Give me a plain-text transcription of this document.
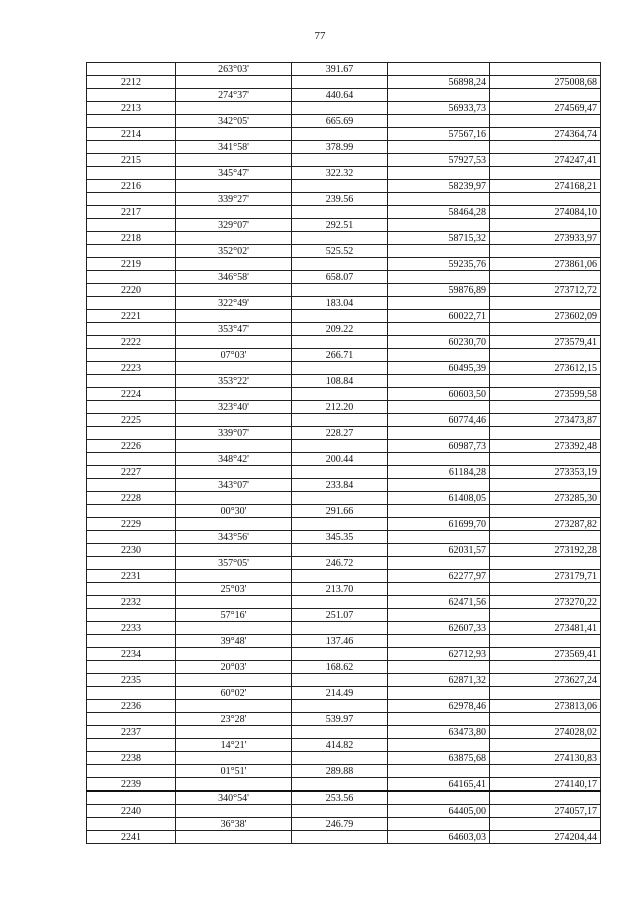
77
	263°03'	391.67		
2212			56898,24	275008,68
	274°37'	440.64		
2213			56933,73	274569,47
	342°05'	665.69		
2214			57567,16	274364,74
	341°58'	378.99		
2215			57927,53	274247,41
	345°47'	322.32		
2216			58239,97	274168,21
	339°27'	239.56		
2217			58464,28	274084,10
	329°07'	292.51		
2218			58715,32	273933,97
	352°02'	525.52		
2219			59235,76	273861,06
	346°58'	658.07		
2220			59876,89	273712,72
	322°49'	183.04		
2221			60022,71	273602,09
	353°47'	209.22		
2222			60230,70	273579,41
	07°03'	266.71		
2223			60495,39	273612,15
	353°22'	108.84		
2224			60603,50	273599,58
	323°40'	212.20		
2225			60774,46	273473,87
	339°07'	228.27		
2226			60987,73	273392,48
	348°42'	200.44		
2227			61184,28	273353,19
	343°07'	233.84		
2228			61408,05	273285,30
	00°30'	291.66		
2229			61699,70	273287,82
	343°56'	345.35		
2230			62031,57	273192,28
	357°05'	246.72		
2231			62277,97	273179,71
	25°03'	213.70		
2232			62471,56	273270,22
	57°16'	251.07		
2233			62607,33	273481,41
	39°48'	137.46		
2234			62712,93	273569,41
	20°03'	168.62		
2235			62871,32	273627,24
	60°02'	214.49		
2236			62978,46	273813,06
	23°28'	539.97		
2237			63473,80	274028,02
	14°21'	414.82		
2238			63875,68	274130,83
	01°51'	289.88		
2239			64165,41	274140,17
	340°54'	253.56		
2240			64405,00	274057,17
	36°38'	246.79		
2241			64603,03	274204,44
